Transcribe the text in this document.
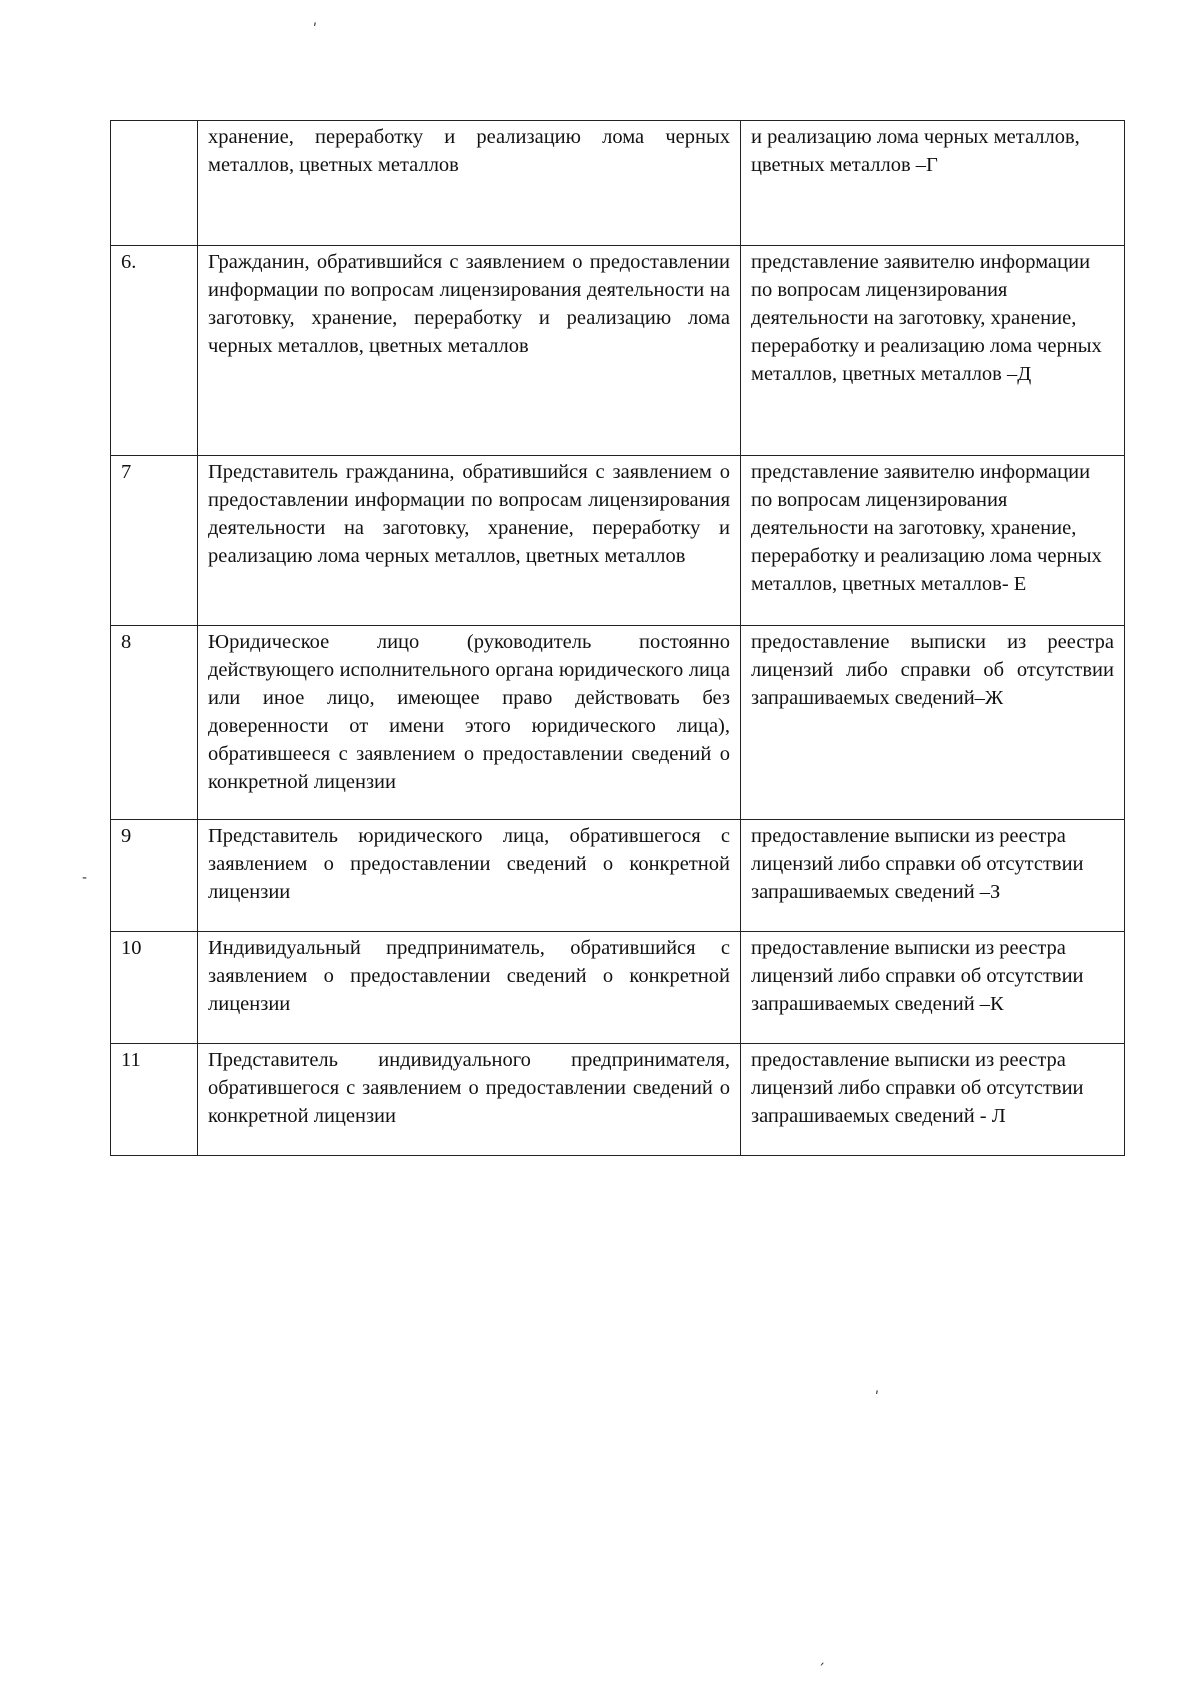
ʹ
-
ʹ
ˏ
	хранение, переработку и реализацию лома черных металлов, цветных металлов	и реализацию лома черных металлов, цветных металлов –Г
6.	Гражданин, обратившийся с заявлением о предоставлении информации по вопросам лицензирования деятельности на заготовку, хранение, переработку и реализацию лома черных металлов, цветных металлов	представление заявителю информации по вопросам лицензирования деятельности на заготовку, хранение, переработку и реализацию лома черных металлов, цветных металлов –Д
7	Представитель гражданина, обратившийся с заявлением о предоставлении информации по вопросам лицензирования деятельности на заготовку, хранение, переработку и реализацию лома черных металлов, цветных металлов	представление заявителю информации по вопросам лицензирования деятельности на заготовку, хранение, переработку и реализацию лома черных металлов, цветных металлов- Е
8	Юридическое лицо (руководитель постоянно действующего исполнительного органа юридического лица или иное лицо, имеющее право действовать без доверенности от имени этого юридического лица), обратившееся с заявлением о предоставлении сведений о конкретной лицензии	предоставление выписки из реестра лицензий либо справки об отсутствии запрашиваемых сведений–Ж
9	Представитель юридического лица, обратившегося с заявлением о предоставлении сведений о конкретной лицензии	предоставление выписки из реестра лицензий либо справки об отсутствии запрашиваемых сведений –З
10	Индивидуальный предприниматель, обратившийся с заявлением о предоставлении сведений о конкретной лицензии	предоставление выписки из реестра лицензий либо справки об отсутствии запрашиваемых сведений –К
11	Представитель индивидуального предпринимателя, обратившегося с заявлением о предоставлении сведений о конкретной лицензии	предоставление выписки из реестра лицензий либо справки об отсутствии запрашиваемых сведений - Л
